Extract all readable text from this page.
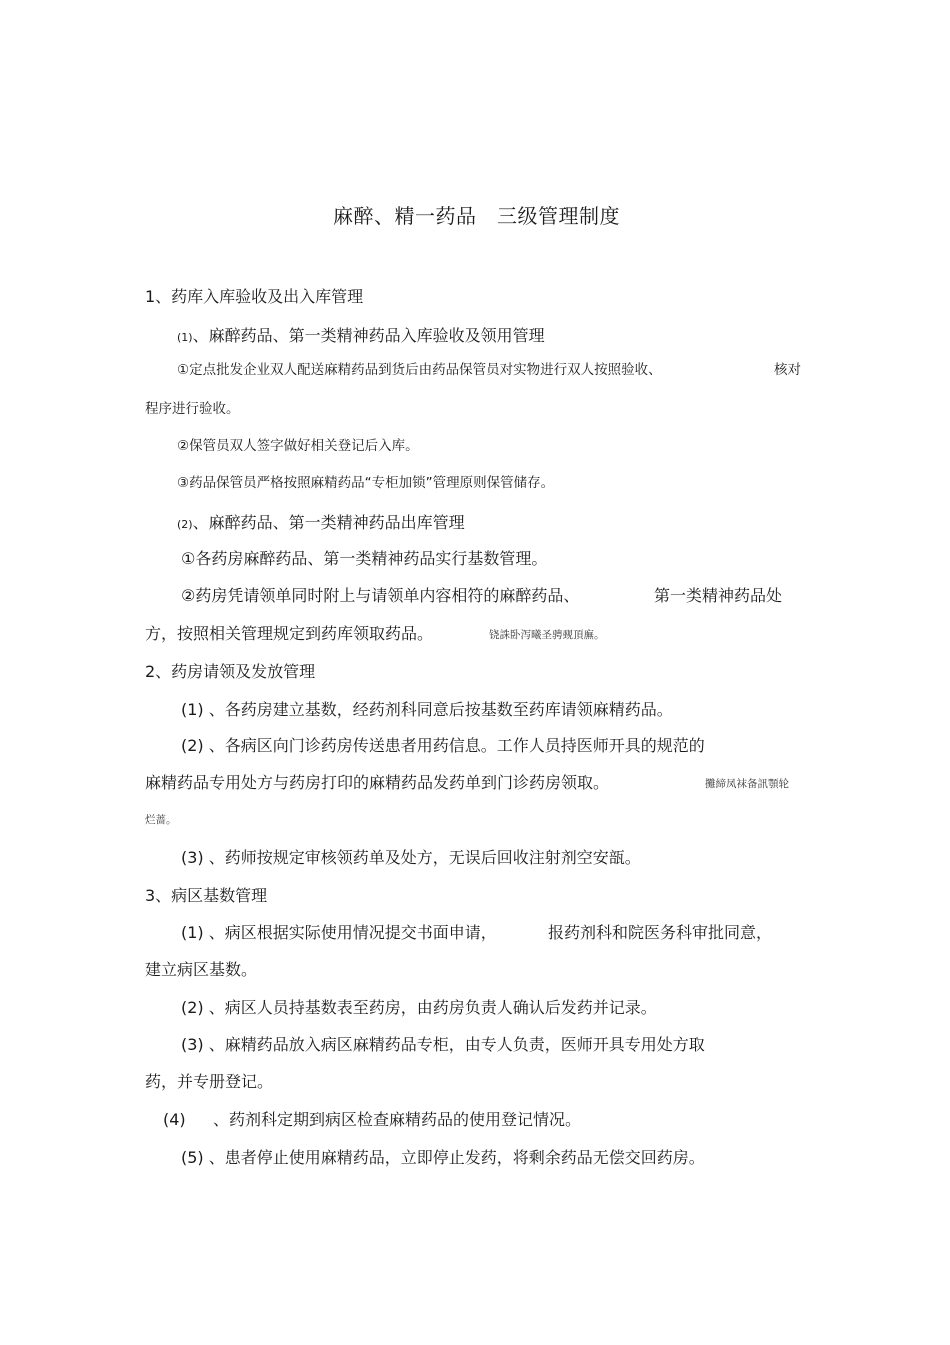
麻醉、精一药品　三级管理制度
1、药库入库验收及出入库管理
(1)、麻醉药品、第一类精神药品入库验收及领用管理
①定点批发企业双人配送麻精药品到货后由药品保管员对实物进行双人按照验收、	核对
程序进行验收。
②保管员双人签字做好相关登记后入库。
③药品保管员严格按照麻精药品“专柜加锁”管理原则保管储存。
(2)、麻醉药品、第一类精神药品出库管理
①各药房麻醉药品、第一类精神药品实行基数管理。
②药房凭请领单同时附上与请领单内容相符的麻醉药品、	第一类精神药品处
方，按照相关管理规定到药库领取药品。	铙誅卧泻曦圣骋觋頂廡。
2、药房请领及发放管理
(1) 、各药房建立基数，经药剂科同意后按基数至药库请领麻精药品。
(2) 、各病区向门诊药房传送患者用药信息。工作人员持医师开具的规范的
麻精药品专用处方与药房打印的麻精药品发药单到门诊药房领取。	攤締凤袜备訊顎轮
烂蔷。
(3) 、药师按规定审核领药单及处方，无误后回收注射剂空安瓿。
3、病区基数管理
(1) 、病区根据实际使用情况提交书面申请，	报药剂科和院医务科审批同意，
建立病区基数。
(2) 、病区人员持基数表至药房，由药房负责人确认后发药并记录。
(3) 、麻精药品放入病区麻精药品专柜，由专人负责，医师开具专用处方取
药，并专册登记。
(4) 、药剂科定期到病区检查麻精药品的使用登记情况。
(5) 、患者停止使用麻精药品，立即停止发药，将剩余药品无偿交回药房。
